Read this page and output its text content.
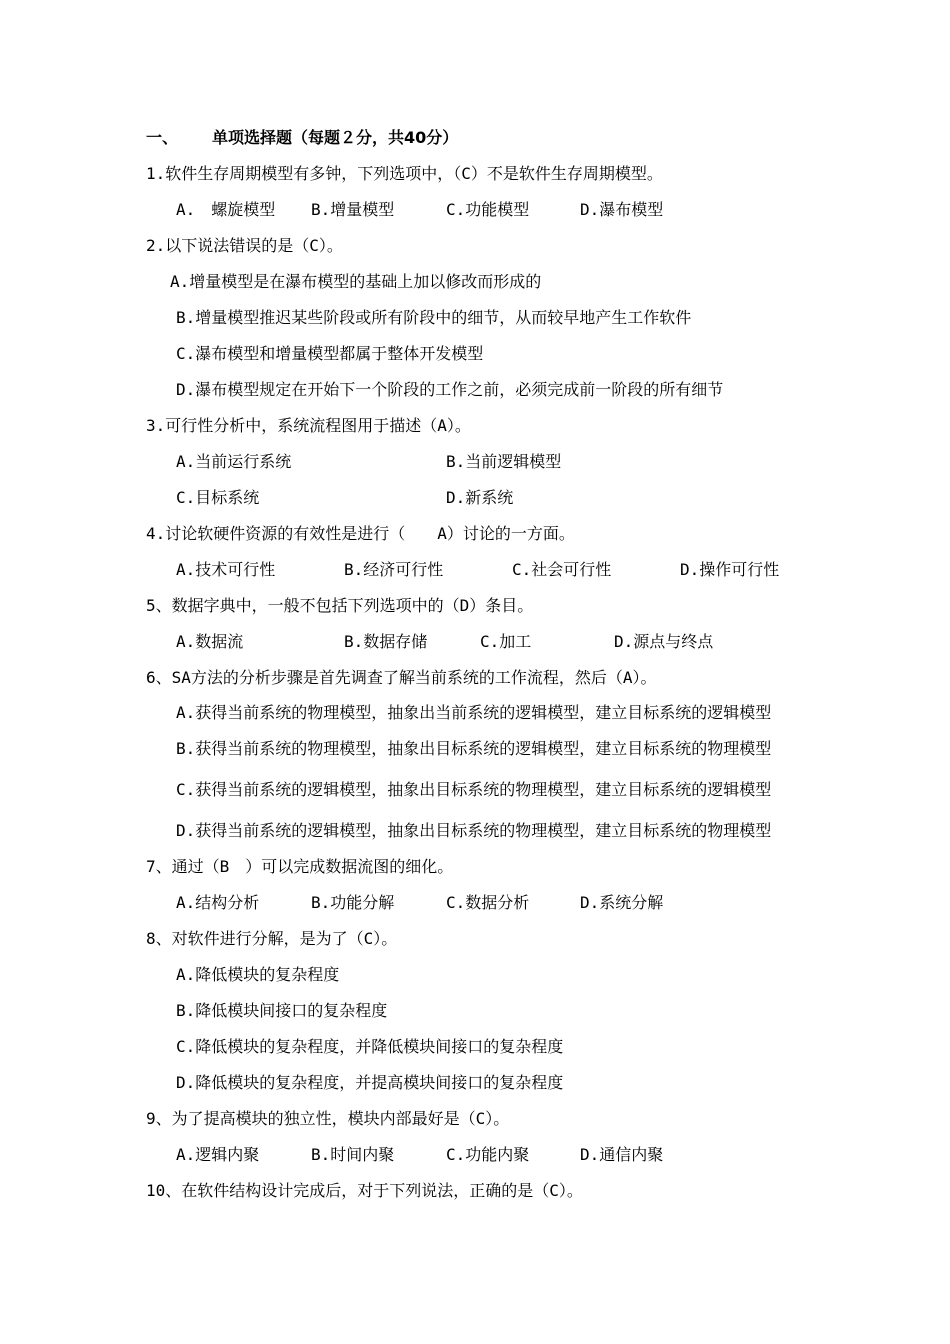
一、 单项选择题（每题２分，共40分）
1.软件生存周期模型有多钟，下列选项中，（C）不是软件生存周期模型。
A.　螺旋模型 B.增量模型	C.功能模型	D.瀑布模型
2.以下说法错误的是（C）。
A.增量模型是在瀑布模型的基础上加以修改而形成的
B.增量模型推迟某些阶段或所有阶段中的细节，从而较早地产生工作软件
C.瀑布模型和增量模型都属于整体开发模型
D.瀑布模型规定在开始下一个阶段的工作之前，必须完成前一阶段的所有细节
3.可行性分析中，系统流程图用于描述（A）。
A.当前运行系统	B.当前逻辑模型
C.目标系统	D.新系统
4.讨论软硬件资源的有效性是进行（　　A）讨论的一方面。
A.技术可行性	B.经济可行性	C.社会可行性	D.操作可行性
5、数据字典中，一般不包括下列选项中的（D）条目。
A.数据流	B.数据存储	C.加工	D.源点与终点
6、SA方法的分析步骤是首先调查了解当前系统的工作流程，然后（A）。
A.获得当前系统的物理模型，抽象出当前系统的逻辑模型，建立目标系统的逻辑模型
B.获得当前系统的物理模型，抽象出目标系统的逻辑模型，建立目标系统的物理模型
C.获得当前系统的逻辑模型，抽象出目标系统的物理模型，建立目标系统的逻辑模型
D.获得当前系统的逻辑模型，抽象出目标系统的物理模型，建立目标系统的物理模型
7、通过（B　）可以完成数据流图的细化。
A.结构分析	B.功能分解	C.数据分析	D.系统分解
8、对软件进行分解，是为了（C）。
A.降低模块的复杂程度
B.降低模块间接口的复杂程度
C.降低模块的复杂程度，并降低模块间接口的复杂程度
D.降低模块的复杂程度，并提高模块间接口的复杂程度
9、为了提高模块的独立性，模块内部最好是（C）。
A.逻辑内聚	B.时间内聚	C.功能内聚	D.通信内聚
10、在软件结构设计完成后，对于下列说法，正确的是（C）。
